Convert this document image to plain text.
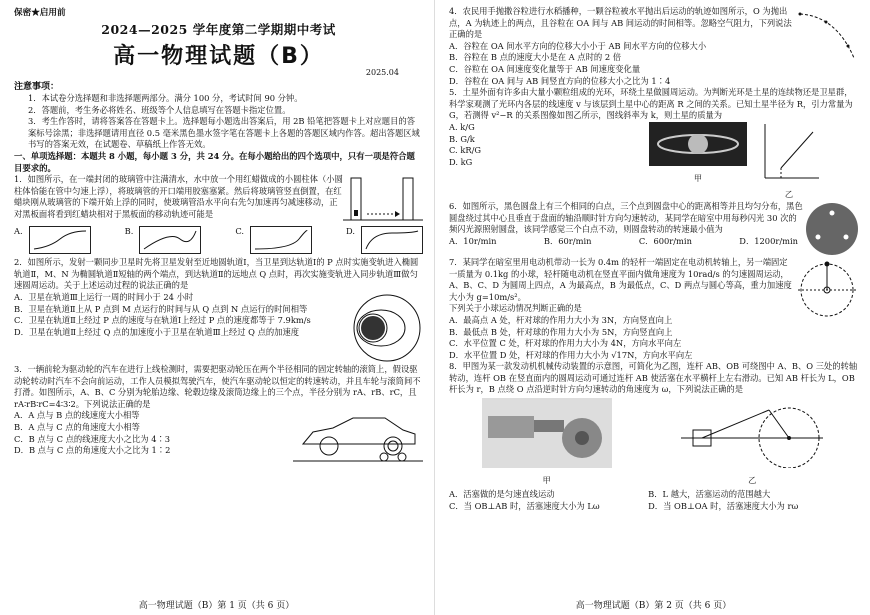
保密★启用前

2024—2025 学年度第二学期期中考试

高一物理试题（B）

2025.04

注意事项：

1．本试卷分选择题和非选择题两部分。满分 100 分，考试时间 90 分钟。

2．答题前，考生务必将姓名、班级等个人信息填写在答题卡指定位置。

3．考生作答时，请将答案答在答题卡上。选择题每小题选出答案后，用 2B 铅笔把答题卡上对应题目的答案标号涂黑；非选择题请用直径 0.5 毫米黑色墨水签字笔在答题卡上各题的答题区域内作答。超出答题区域书写的答案无效，在试题卷、草稿纸上作答无效。

一、单项选择题：本题共 8 小题，每小题 3 分，共 24 分。在每小题给出的四个选项中，只有一项是符合题目要求的。

1．如图所示，在一端封闭的玻璃管中注满清水，水中放一个用红蜡做成的小圆柱体（小圆柱体恰能在管中匀速上浮），将玻璃管的开口端用胶塞塞紧。然后将玻璃管竖直倒置，在红蜡块刚从玻璃管的下端开始上浮的同时，使玻璃管沿水平向右先匀加速再匀减速移动，正对黑板面将看到红蜡块相对于黑板面的移动轨迹可能是

A.	B.	C.	D.

2．如图所示，发射一颗同步卫星时先将卫星发射至近地圆轨道Ⅰ，当卫星到达轨道Ⅰ的 P 点时实施变轨进入椭圆轨道Ⅱ，M、N 为椭圆轨道Ⅱ短轴的两个端点，到达轨道Ⅱ的远地点 Q 点时，再次实施变轨进入同步轨道Ⅲ做匀速圆周运动。关于上述运动过程的说法正确的是

A．卫星在轨道Ⅲ上运行一周的时间小于 24 小时

B．卫星在轨道Ⅱ上从 P 点到 M 点运行的时间与从 Q 点到 N 点运行的时间相等

C．卫星在轨道Ⅱ上经过 P 点的速度与在轨道Ⅰ上经过 P 点的速度都等于 7.9km/s

D．卫星在轨道Ⅱ上经过 Q 点的加速度小于卫星在轨道Ⅲ上经过 Q 点的加速度

3．一辆前轮为驱动轮的汽车在进行上线检测时，需要把驱动轮压在两个半径相同的固定转轴的滚筒上，假设驱动轮转动时汽车不会向前运动，工作人员模拟驾驶汽车，使汽车驱动轮以恒定的转速转动，并且车轮与滚筒间不打滑。如图所示，A、B、C 分别为轮胎边缘、轮毂边缘及滚筒边缘上的三个点，半径分别为 rA、rB、rC，且 rA∶rB∶rC=4∶3∶2。下列说法正确的是

A．A 点与 B 点的线速度大小相等

B．A 点与 C 点的角速度大小相等

C．B 点与 C 点的线速度大小之比为 4∶3

D．B 点与 C 点的角速度大小之比为 1∶2

高一物理试题（B）第 1 页（共 6 页）

4．农民用手抛撒谷粒进行水稻播种，一颗谷粒被水平抛出后运动的轨迹如图所示，O 为抛出点，A 为轨迹上的两点，且谷粒在 OA 间与 AB 间运动的时间相等。忽略空气阻力，下列说法正确的是

A．谷粒在 OA 间水平方向的位移大小小于 AB 间水平方向的位移大小

B．谷粒在 B 点的速度大小是在 A 点时的 2 倍

C．谷粒在 OA 间速度变化量等于 AB 间速度变化量

D．谷粒在 OA 间与 AB 间竖直方向的位移大小之比为 1∶4

5．土星外面有许多由大量小颗粒组成的光环，环绕土星做圆周运动。为判断光环是土星的连续物还是卫星群，科学家观测了光环内各层的线速度 v 与该层到土星中心的距离 R 之间的关系。已知土星半径为 R，引力常量为 G，若测得 v²−R 的关系图像如图乙所示，图线斜率为 k，则土星的质量为

A. k/G
B. G/k
C. kR/G
D. kG
甲
乙

6．如图所示，黑色圆盘上有三个相同的白点，三个点到圆盘中心的距离相等并且均匀分布，黑色圆盘绕过其中心且垂直于盘面的轴沿顺时针方向匀速转动，某同学在暗室中用每秒闪光 30 次的频闪光源照射圆盘，该同学感觉三个白点不动，则圆盘转动的转速最小值为

A．10r/min	B．60r/min	C．600r/min	D．1200r/min

7．某同学在暗室里用电动机带动一长为 0.4m 的轻杆一端固定在电动机转轴上，另一端固定一质量为 0.1kg 的小球，轻杆随电动机在竖直平面内做角速度为 10rad/s 的匀速圆周运动，A、B、C、D 为圆周上四点，A 为最高点，B 为最低点，C、D 两点与圆心等高，重力加速度大小为 g=10m/s²。

下列关于小球运动情况判断正确的是

A．最高点 A 处，杆对球的作用力大小为 3N，方向竖直向上

B．最低点 B 处，杆对球的作用力大小为 5N，方向竖直向上

C．水平位置 C 处，杆对球的作用力大小为 4N，方向水平向左

D．水平位置 D 处，杆对球的作用力大小为 √17N，方向水平向左

8．甲图为某一款发动机机械传动装置的示意图，可简化为乙图，连杆 AB、OB 可绕图中 A、B、O 三处的转轴转动，连杆 OB 在竖直面内的圆周运动可通过连杆 AB 使活塞在水平横杆上左右滑动。已知 AB 杆长为 L，OB 杆长为 r，B 点绕 O 点沿逆时针方向匀速转动的角速度为 ω，下列说法正确的是

甲	乙
A．活塞做的是匀速直线运动	B．L 越大，活塞运动的范围越大
C．当 OB⊥AB 时，活塞速度大小为 Lω	D．当 OB⊥OA 时，活塞速度大小为 rω
高一物理试题（B）第 2 页（共 6 页）
